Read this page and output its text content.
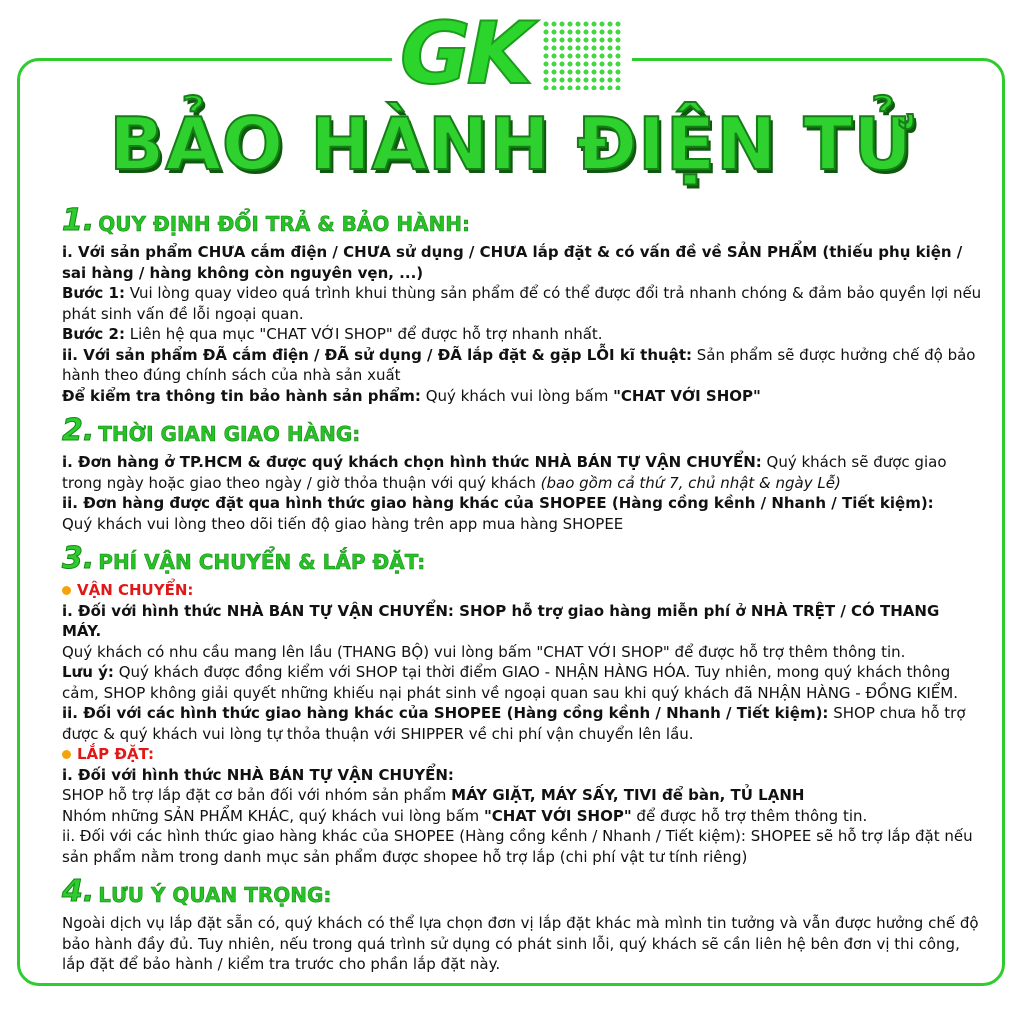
GK
BẢO HÀNH ĐIỆN TỬ
1. QUY ĐỊNH ĐỔI TRẢ & BẢO HÀNH:

i. Với sản phẩm CHƯA cắm điện / CHƯA sử dụng / CHƯA lắp đặt & có vấn đề về SẢN PHẨM (thiếu phụ kiện / sai hàng / hàng không còn nguyên vẹn, ...)

Bước 1: Vui lòng quay video quá trình khui thùng sản phẩm để có thể được đổi trả nhanh chóng & đảm bảo quyền lợi nếu phát sinh vấn đề lỗi ngoại quan.

Bước 2: Liên hệ qua mục "CHAT VỚI SHOP" để được hỗ trợ nhanh nhất.

ii. Với sản phẩm ĐÃ cắm điện / ĐÃ sử dụng / ĐÃ lắp đặt & gặp LỖI kĩ thuật: Sản phẩm sẽ được hưởng chế độ bảo hành theo đúng chính sách của nhà sản xuất

Để kiểm tra thông tin bảo hành sản phẩm: Quý khách vui lòng bấm "CHAT VỚI SHOP"

2. THỜI GIAN GIAO HÀNG:

i. Đơn hàng ở TP.HCM & được quý khách chọn hình thức NHÀ BÁN TỰ VẬN CHUYỂN: Quý khách sẽ được giao trong ngày hoặc giao theo ngày / giờ thỏa thuận với quý khách (bao gồm cả thứ 7, chủ nhật & ngày Lễ)

ii. Đơn hàng được đặt qua hình thức giao hàng khác của SHOPEE (Hàng cồng kềnh / Nhanh / Tiết kiệm):

Quý khách vui lòng theo dõi tiến độ giao hàng trên app mua hàng SHOPEE

3. PHÍ VẬN CHUYỂN & LẮP ĐẶT:
VẬN CHUYỂN:

i. Đối với hình thức NHÀ BÁN TỰ VẬN CHUYỂN: SHOP hỗ trợ giao hàng miễn phí ở NHÀ TRỆT / CÓ THANG MÁY.

Quý khách có nhu cầu mang lên lầu (THANG BỘ) vui lòng bấm "CHAT VỚI SHOP" để được hỗ trợ thêm thông tin.

Lưu ý: Quý khách được đồng kiểm với SHOP tại thời điểm GIAO - NHẬN HÀNG HÓA. Tuy nhiên, mong quý khách thông cảm, SHOP không giải quyết những khiếu nại phát sinh về ngoại quan sau khi quý khách đã NHẬN HÀNG - ĐỒNG KIỂM.

ii. Đối với các hình thức giao hàng khác của SHOPEE (Hàng cồng kềnh / Nhanh / Tiết kiệm): SHOP chưa hỗ trợ được & quý khách vui lòng tự thỏa thuận với SHIPPER về chi phí vận chuyển lên lầu.

LẮP ĐẶT:

i. Đối với hình thức NHÀ BÁN TỰ VẬN CHUYỂN:

SHOP hỗ trợ lắp đặt cơ bản đối với nhóm sản phẩm MÁY GIẶT, MÁY SẤY, TIVI để bàn, TỦ LẠNH

Nhóm những SẢN PHẨM KHÁC, quý khách vui lòng bấm "CHAT VỚI SHOP" để được hỗ trợ thêm thông tin.

ii. Đối với các hình thức giao hàng khác của SHOPEE (Hàng cồng kềnh / Nhanh / Tiết kiệm): SHOPEE sẽ hỗ trợ lắp đặt nếu sản phẩm nằm trong danh mục sản phẩm được shopee hỗ trợ lắp (chi phí vật tư tính riêng)

4. LƯU Ý QUAN TRỌNG:

Ngoài dịch vụ lắp đặt sẵn có, quý khách có thể lựa chọn đơn vị lắp đặt khác mà mình tin tưởng và vẫn được hưởng chế độ bảo hành đầy đủ. Tuy nhiên, nếu trong quá trình sử dụng có phát sinh lỗi, quý khách sẽ cần liên hệ bên đơn vị thi công, lắp đặt để bảo hành / kiểm tra trước cho phần lắp đặt này.
